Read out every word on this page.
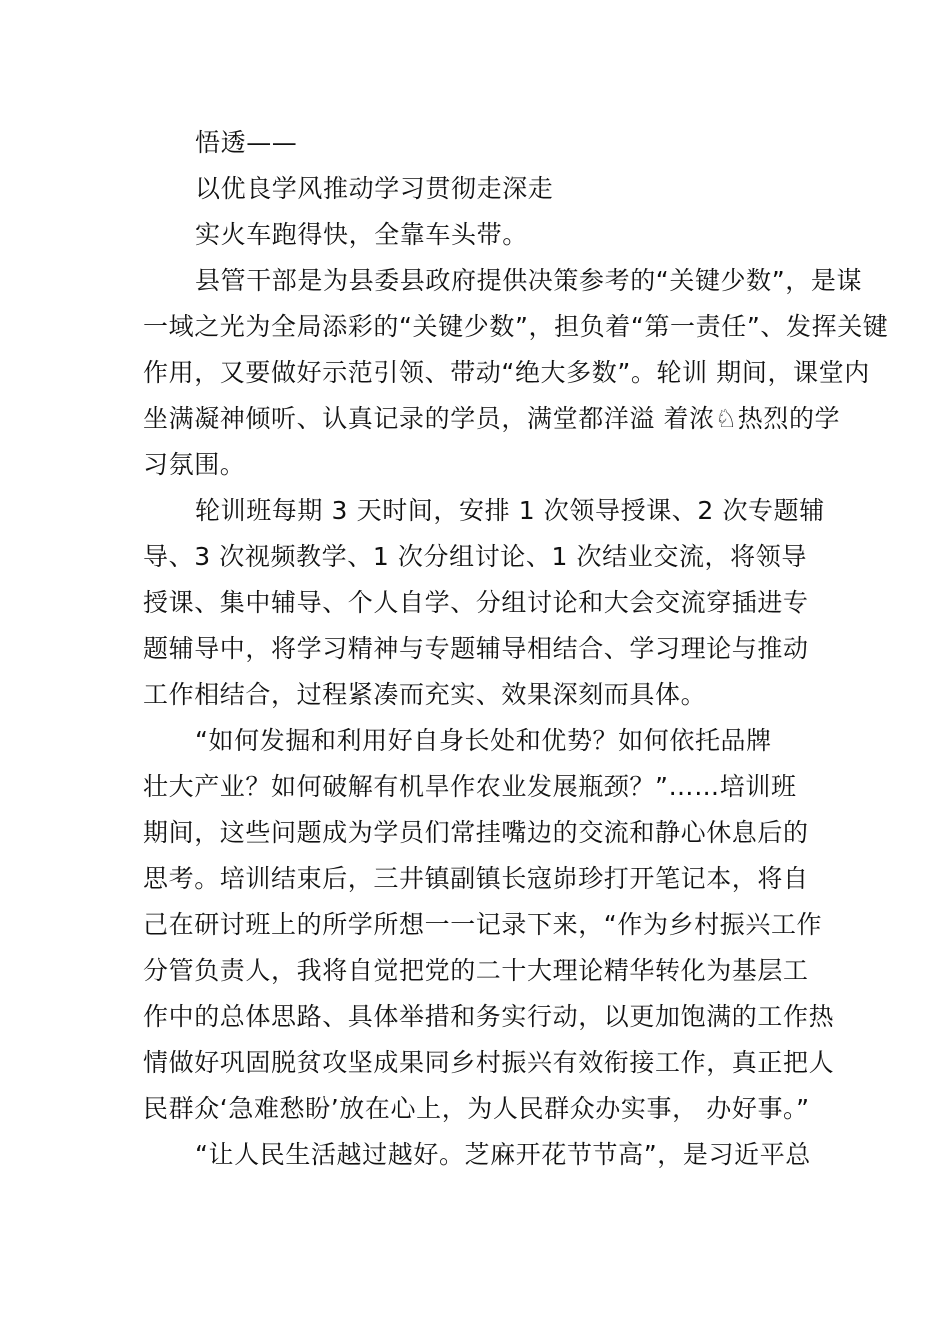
悟透——
以优良学风推动学习贯彻走深走
实火车跑得快，全靠车头带。
县管干部是为县委县政府提供决策参考的“关键少数”，是谋
一域之光为全局添彩的“关键少数”，担负着“第一责任”、发挥关键
作用，又要做好示范引领、带动“绝大多数”。轮训 期间，课堂内
坐满凝神倾听、认真记录的学员，满堂都洋溢 着浓♘热烈的学
习氛围。
轮训班每期 3 天时间，安排 1 次领导授课、2 次专题辅
导、3 次视频教学、1 次分组讨论、1 次结业交流，将领导
授课、集中辅导、个人自学、分组讨论和大会交流穿插进专
题辅导中，将学习精神与专题辅导相结合、学习理论与推动
工作相结合，过程紧凑而充实、效果深刻而具体。
“如何发掘和利用好自身长处和优势？如何依托品牌
壮大产业？如何破解有机旱作农业发展瓶颈？”……培训班
期间，这些问题成为学员们常挂嘴边的交流和静心休息后的
思考。培训结束后，三井镇副镇长寇峁珍打开笔记本，将自
己在研讨班上的所学所想一一记录下来，“作为乡村振兴工作
分管负责人，我将自觉把党的二十大理论精华转化为基层工
作中的总体思路、具体举措和务实行动，以更加饱满的工作热
情做好巩固脱贫攻坚成果同乡村振兴有效衔接工作，真正把人
民群众‘急难愁盼’放在心上，为人民群众办实事， 办好事。”
“让人民生活越过越好。芝麻开花节节高”，是习近平总
